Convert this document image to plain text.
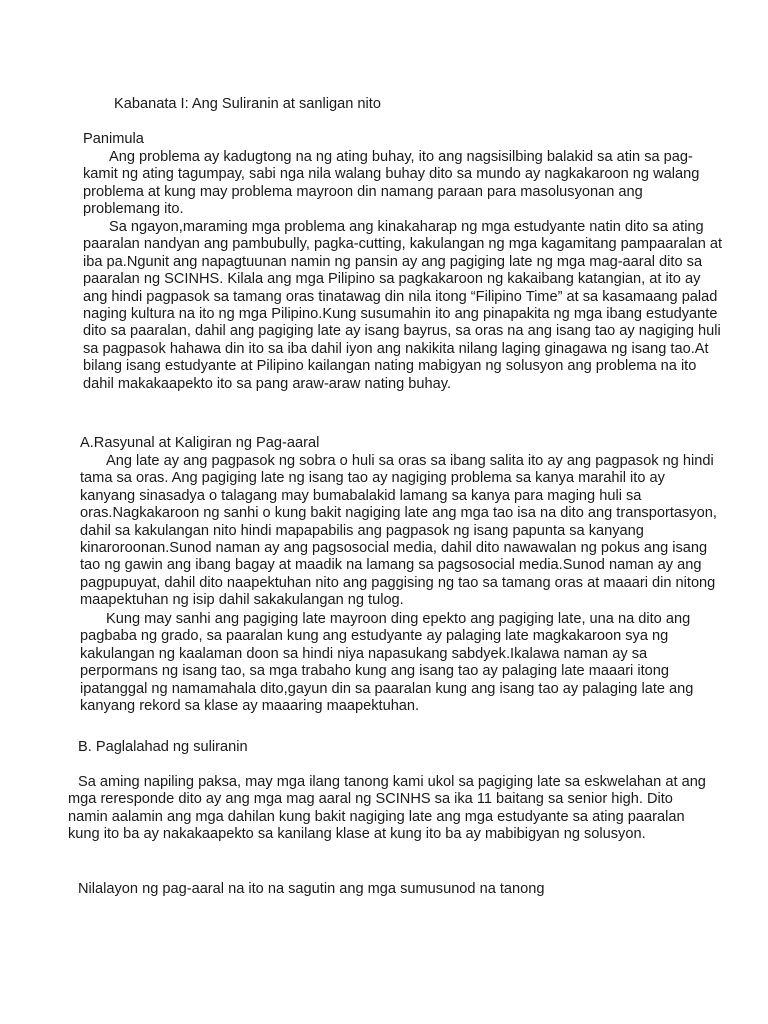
Kabanata I: Ang Suliranin at sanligan nito

Panimula

Ang problema ay kadugtong na ng ating buhay, ito ang nagsisilbing balakid sa atin sa pag-kamit ng ating tagumpay, sabi nga nila walang buhay dito sa mundo ay nagkakaroon ng walang problema at kung may problema mayroon din namang paraan para masolusyonan ang problemang ito.

Sa ngayon,maraming mga problema ang kinakaharap ng mga estudyante natin dito sa ating paaralan nandyan ang pambubully, pagka-cutting, kakulangan ng mga kagamitang pampaaralan at iba pa.Ngunit ang napagtuunan namin ng pansin ay ang pagiging late ng mga mag-aaral dito sa paaralan ng SCINHS. Kilala ang mga Pilipino sa pagkakaroon ng kakaibang katangian, at ito ay ang hindi pagpasok sa tamang oras tinatawag din nila itong “Filipino Time” at sa kasamaang palad naging kultura na ito ng mga Pilipino.Kung susumahin ito ang pinapakita ng mga ibang estudyante dito sa paaralan, dahil ang pagiging late ay isang bayrus, sa oras na ang isang tao ay nagiging huli sa pagpasok hahawa din ito sa iba dahil iyon ang nakikita nilang laging ginagawa ng isang tao.At bilang isang estudyante at Pilipino kailangan nating mabigyan ng solusyon ang problema na ito dahil makakaapekto ito sa pang araw-araw nating buhay.

A.Rasyunal at Kaligiran ng Pag-aaral

Ang late ay ang pagpasok ng sobra o huli sa oras sa ibang salita ito ay ang pagpasok ng hindi tama sa oras. Ang pagiging late ng isang tao ay nagiging problema sa kanya marahil ito ay kanyang sinasadya o talagang may bumabalakid lamang sa kanya para maging huli sa oras.Nagkakaroon ng sanhi o kung bakit nagiging late ang mga tao isa na dito ang transportasyon, dahil sa kakulangan nito hindi mapapabilis ang pagpasok ng isang papunta sa kanyang kinaroroonan.Sunod naman ay ang pagsosocial media, dahil dito nawawalan ng pokus ang isang tao ng gawin ang ibang bagay at maadik na lamang sa pagsosocial media.Sunod naman ay ang pagpupuyat, dahil dito naapektuhan nito ang paggising ng tao sa tamang oras at maaari din nitong maapektuhan ng isip dahil sakakulangan ng tulog.

Kung may sanhi ang pagiging late mayroon ding epekto ang pagiging late, una na dito ang pagbaba ng grado, sa paaralan kung ang estudyante ay palaging late magkakaroon sya ng kakulangan ng kaalaman doon sa hindi niya napasukang sabdyek.Ikalawa naman ay sa perpormans ng isang tao, sa mga trabaho kung ang isang tao ay palaging late maaari itong ipatanggal ng namamahala dito,gayun din sa paaralan kung ang isang tao ay palaging late ang kanyang rekord sa klase ay maaaring maapektuhan.

B. Paglalahad ng suliranin

Sa aming napiling paksa, may mga ilang tanong kami ukol sa pagiging late sa eskwelahan at ang mga reresponde dito ay ang mga mag aaral ng SCINHS sa ika 11 baitang sa senior high. Dito namin aalamin ang mga dahilan kung bakit nagiging late ang mga estudyante sa ating paaralan kung ito ba ay nakakaapekto sa kanilang klase at kung ito ba ay mabibigyan ng solusyon.

Nilalayon ng pag-aaral na ito na sagutin ang mga sumusunod na tanong
